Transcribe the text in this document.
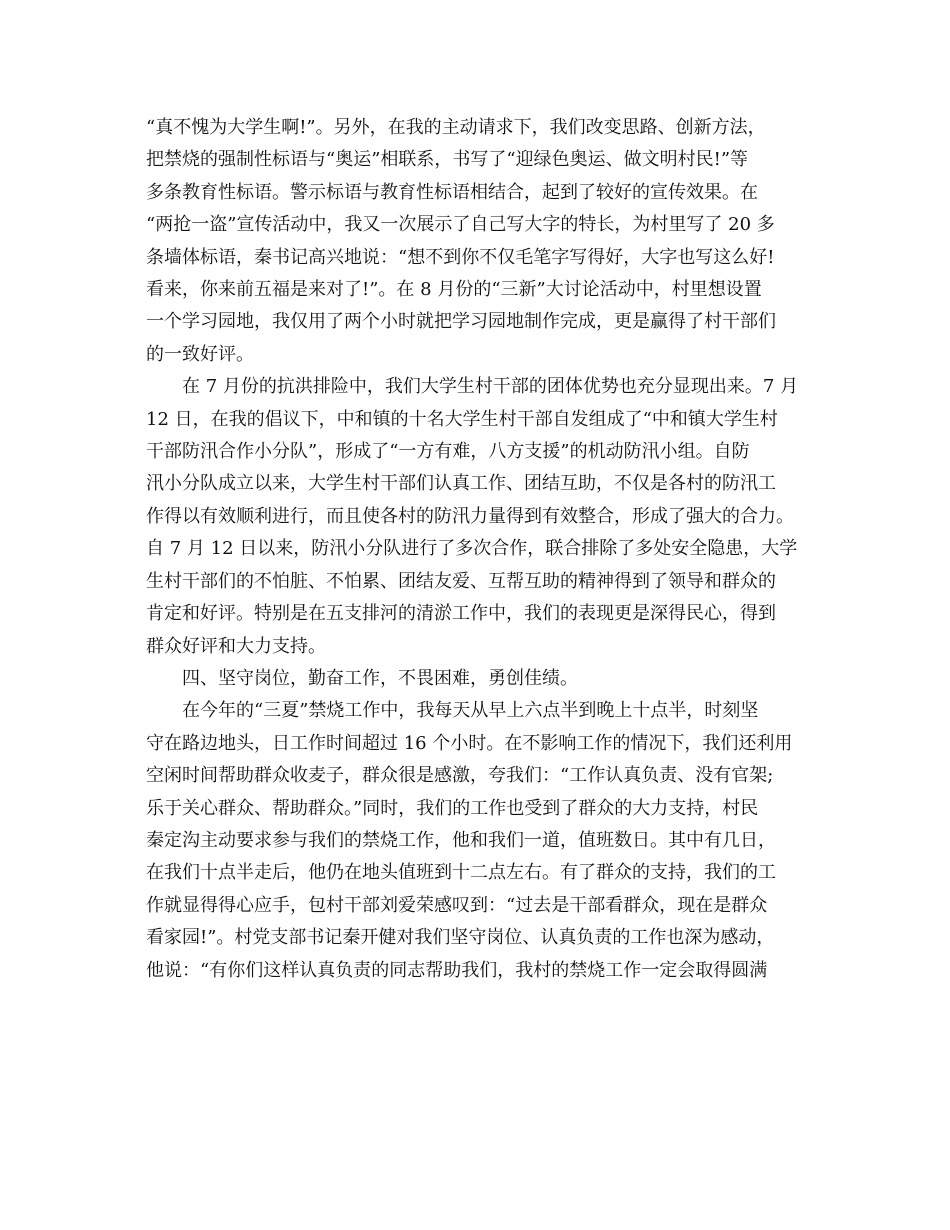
“真不愧为大学生啊!”。另外，在我的主动请求下，我们改变思路、创新方法，
把禁烧的强制性标语与“奥运”相联系，书写了“迎绿色奥运、做文明村民!”等
多条教育性标语。警示标语与教育性标语相结合，起到了较好的宣传效果。在
“两抢一盗”宣传活动中，我又一次展示了自己写大字的特长，为村里写了 20 多
条墙体标语，秦书记高兴地说：“想不到你不仅毛笔字写得好，大字也写这么好!
看来，你来前五福是来对了!”。在 8 月份的“三新”大讨论活动中，村里想设置
一个学习园地，我仅用了两个小时就把学习园地制作完成，更是赢得了村干部们
的一致好评。

在 7 月份的抗洪排险中，我们大学生村干部的团体优势也充分显现出来。7 月
12 日，在我的倡议下，中和镇的十名大学生村干部自发组成了“中和镇大学生村
干部防汛合作小分队”，形成了“一方有难，八方支援”的机动防汛小组。自防
汛小分队成立以来，大学生村干部们认真工作、团结互助，不仅是各村的防汛工
作得以有效顺利进行，而且使各村的防汛力量得到有效整合，形成了强大的合力。
自 7 月 12 日以来，防汛小分队进行了多次合作，联合排除了多处安全隐患，大学
生村干部们的不怕脏、不怕累、团结友爱、互帮互助的精神得到了领导和群众的
肯定和好评。特别是在五支排河的清淤工作中，我们的表现更是深得民心，得到
群众好评和大力支持。

四、坚守岗位，勤奋工作，不畏困难，勇创佳绩。

在今年的“三夏”禁烧工作中，我每天从早上六点半到晚上十点半，时刻坚
守在路边地头，日工作时间超过 16 个小时。在不影响工作的情况下，我们还利用
空闲时间帮助群众收麦子，群众很是感激，夸我们：“工作认真负责、没有官架;
乐于关心群众、帮助群众。”同时，我们的工作也受到了群众的大力支持，村民
秦定沟主动要求参与我们的禁烧工作，他和我们一道，值班数日。其中有几日，
在我们十点半走后，他仍在地头值班到十二点左右。有了群众的支持，我们的工
作就显得得心应手，包村干部刘爱荣感叹到：“过去是干部看群众，现在是群众
看家园!”。村党支部书记秦开健对我们坚守岗位、认真负责的工作也深为感动，
他说：“有你们这样认真负责的同志帮助我们，我村的禁烧工作一定会取得圆满
